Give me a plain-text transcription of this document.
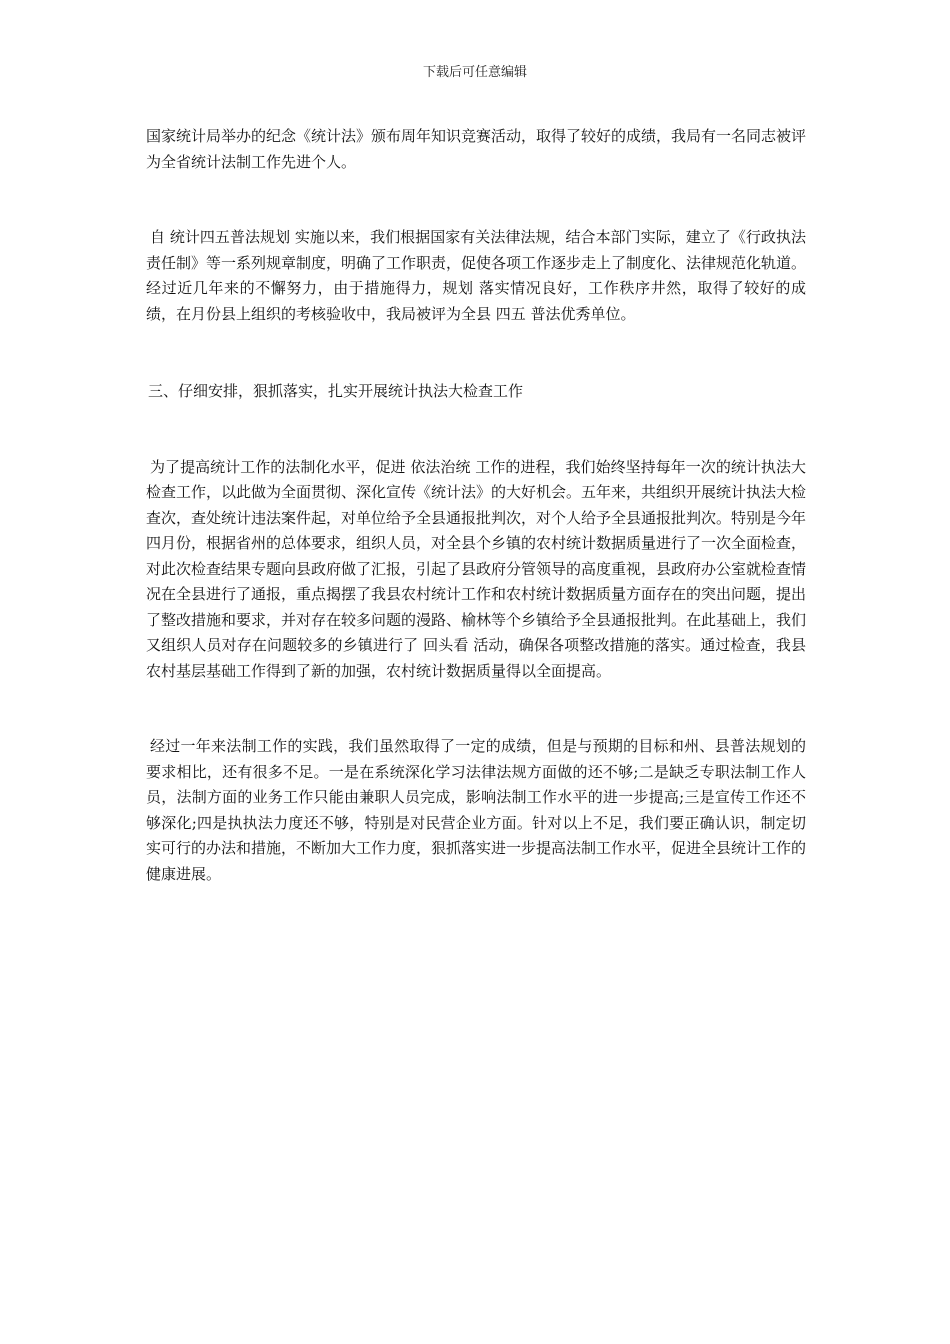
下载后可任意编辑

国家统计局举办的纪念《统计法》颁布周年知识竞赛活动，取得了较好的成绩，我局有一名同志被评为全省统计法制工作先进个人。

自 统计四五普法规划 实施以来，我们根据国家有关法律法规，结合本部门实际，建立了《行政执法责任制》等一系列规章制度，明确了工作职责，促使各项工作逐步走上了制度化、法律规范化轨道。经过近几年来的不懈努力，由于措施得力，规划 落实情况良好，工作秩序井然，取得了较好的成绩，在月份县上组织的考核验收中，我局被评为全县 四五 普法优秀单位。

三、仔细安排，狠抓落实，扎实开展统计执法大检查工作

为了提高统计工作的法制化水平，促进 依法治统 工作的进程，我们始终坚持每年一次的统计执法大检查工作，以此做为全面贯彻、深化宣传《统计法》的大好机会。五年来，共组织开展统计执法大检查次，查处统计违法案件起，对单位给予全县通报批判次，对个人给予全县通报批判次。特别是今年四月份，根据省州的总体要求，组织人员，对全县个乡镇的农村统计数据质量进行了一次全面检查，对此次检查结果专题向县政府做了汇报，引起了县政府分管领导的高度重视，县政府办公室就检查情况在全县进行了通报，重点揭摆了我县农村统计工作和农村统计数据质量方面存在的突出问题，提出了整改措施和要求，并对存在较多问题的漫路、榆林等个乡镇给予全县通报批判。在此基础上，我们又组织人员对存在问题较多的乡镇进行了 回头看 活动，确保各项整改措施的落实。通过检查，我县农村基层基础工作得到了新的加强，农村统计数据质量得以全面提高。

经过一年来法制工作的实践，我们虽然取得了一定的成绩，但是与预期的目标和州、县普法规划的要求相比，还有很多不足。一是在系统深化学习法律法规方面做的还不够;二是缺乏专职法制工作人员，法制方面的业务工作只能由兼职人员完成，影响法制工作水平的进一步提高;三是宣传工作还不够深化;四是执执法力度还不够，特别是对民营企业方面。针对以上不足，我们要正确认识，制定切实可行的办法和措施，不断加大工作力度，狠抓落实进一步提高法制工作水平，促进全县统计工作的健康进展。
